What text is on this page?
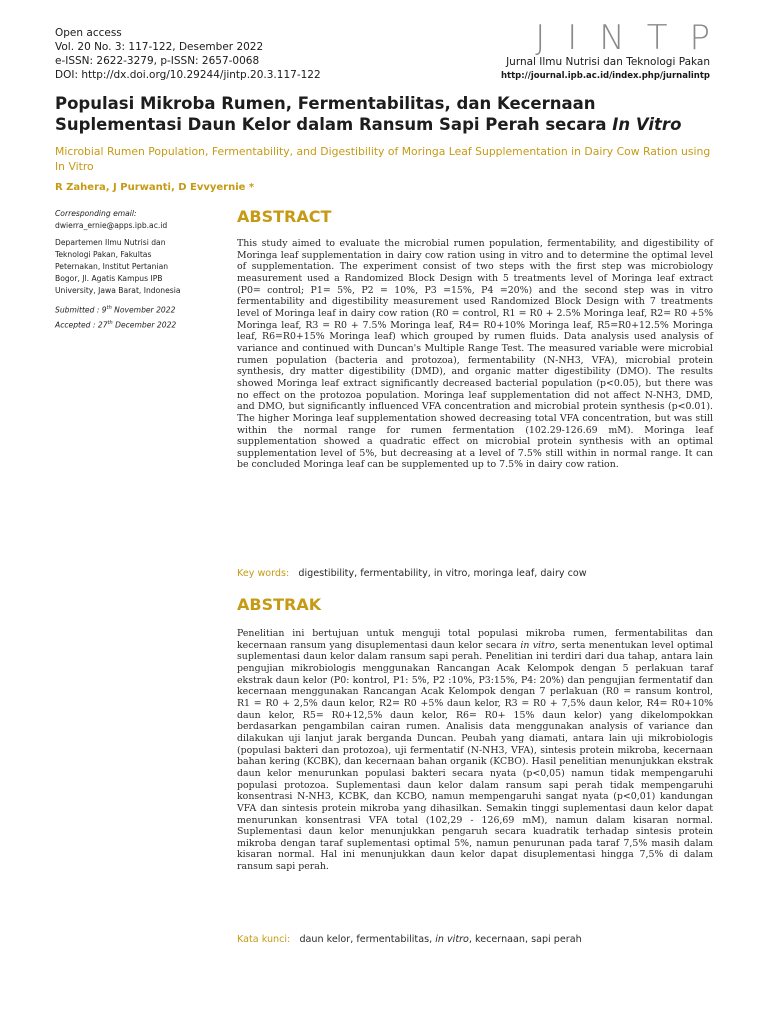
Open access
Vol. 20 No. 3: 117-122, Desember 2022
e-ISSN: 2622-3279, p-ISSN: 2657-0068
DOI: http://dx.doi.org/10.29244/jintp.20.3.117-122
JINTP
Jurnal Ilmu Nutrisi dan Teknologi Pakan
http://journal.ipb.ac.id/index.php/jurnalintp
Populasi Mikroba Rumen, Fermentabilitas, dan Kecernaan
Suplementasi Daun Kelor dalam Ransum Sapi Perah secara In Vitro
Microbial Rumen Population, Fermentability, and Digestibility of Moringa Leaf Supplementation in Dairy Cow Ration using In Vitro
R Zahera, J Purwanti, D Evvyernie *
Corresponding email:
dwierra_ernie@apps.ipb.ac.id
Departemen Ilmu Nutrisi dan
Teknologi Pakan, Fakultas
Peternakan, Institut Pertanian
Bogor, Jl. Agatis Kampus IPB
University, Jawa Barat, Indonesia
Submitted : 9th November 2022
Accepted : 27th December 2022
ABSTRACT
This study aimed to evaluate the microbial rumen population, fermentability, and digestibility of Moringa leaf supplementation in dairy cow ration using in vitro and to determine the optimal level of supplementation. The experiment consist of two steps with the first step was microbiology measurement used a Randomized Block Design with 5 treatments level of Moringa leaf extract (P0= control; P1= 5%, P2 = 10%, P3 =15%, P4 =20%) and the second step was in vitro fermentability and digestibility measurement used Randomized Block Design with 7 treatments level of Moringa leaf in dairy cow ration (R0 = control, R1 = R0 + 2.5% Moringa leaf, R2= R0 +5% Moringa leaf, R3 = R0 + 7.5% Moringa leaf, R4= R0+10% Moringa leaf, R5=R0+12.5% Moringa leaf, R6=R0+15% Moringa leaf) which grouped by rumen fluids. Data analysis used analysis of variance and continued with Duncan's Multiple Range Test. The measured variable were microbial rumen population (bacteria and protozoa), fermentability (N-NH3, VFA), microbial protein synthesis, dry matter digestibility (DMD), and organic matter digestibility (DMO). The results showed Moringa leaf extract significantly decreased bacterial population (p<0.05), but there was no effect on the protozoa population. Moringa leaf supplementation did not affect N-NH3, DMD, and DMO, but significantly influenced VFA concentration and microbial protein synthesis (p<0.01). The higher Moringa leaf supplementation showed decreasing total VFA concentration, but was still within the normal range for rumen fermentation (102.29-126.69 mM). Moringa leaf supplementation showed a quadratic effect on microbial protein synthesis with an optimal supplementation level of 5%, but decreasing at a level of 7.5% still within in normal range. It can be concluded Moringa leaf can be supplemented up to 7.5% in dairy cow ration.
Key words: digestibility, fermentability, in vitro, moringa leaf, dairy cow
ABSTRAK
Penelitian ini bertujuan untuk menguji total populasi mikroba rumen, fermentabilitas dan kecernaan ransum yang disuplementasi daun kelor secara in vitro, serta menentukan level optimal suplementasi daun kelor dalam ransum sapi perah. Penelitian ini terdiri dari dua tahap, antara lain pengujian mikrobiologis menggunakan Rancangan Acak Kelompok dengan 5 perlakuan taraf ekstrak daun kelor (P0: kontrol, P1: 5%, P2 :10%, P3:15%, P4: 20%) dan pengujian fermentatif dan kecernaan menggunakan Rancangan Acak Kelompok dengan 7 perlakuan (R0 = ransum kontrol, R1 = R0 + 2,5% daun kelor, R2= R0 +5% daun kelor, R3 = R0 + 7,5% daun kelor, R4= R0+10% daun kelor, R5= R0+12,5% daun kelor, R6= R0+ 15% daun kelor) yang dikelompokkan berdasarkan pengambilan cairan rumen. Analisis data menggunakan analysis of variance dan dilakukan uji lanjut jarak berganda Duncan. Peubah yang diamati, antara lain uji mikrobiologis (populasi bakteri dan protozoa), uji fermentatif (N-NH3, VFA), sintesis protein mikroba, kecernaan bahan kering (KCBK), dan kecernaan bahan organik (KCBO). Hasil penelitian menunjukkan ekstrak daun kelor menurunkan populasi bakteri secara nyata (p<0,05) namun tidak mempengaruhi populasi protozoa. Suplementasi daun kelor dalam ransum sapi perah tidak mempengaruhi konsentrasi N-NH3, KCBK, dan KCBO, namun mempengaruhi sangat nyata (p<0,01) kandungan VFA dan sintesis protein mikroba yang dihasilkan. Semakin tinggi suplementasi daun kelor dapat menurunkan konsentrasi VFA total (102,29 - 126,69 mM), namun dalam kisaran normal. Suplementasi daun kelor menunjukkan pengaruh secara kuadratik terhadap sintesis protein mikroba dengan taraf suplementasi optimal 5%, namun penurunan pada taraf 7,5% masih dalam kisaran normal. Hal ini menunjukkan daun kelor dapat disuplementasi hingga 7,5% di dalam ransum sapi perah.
Kata kunci: daun kelor, fermentabilitas, in vitro, kecernaan, sapi perah
